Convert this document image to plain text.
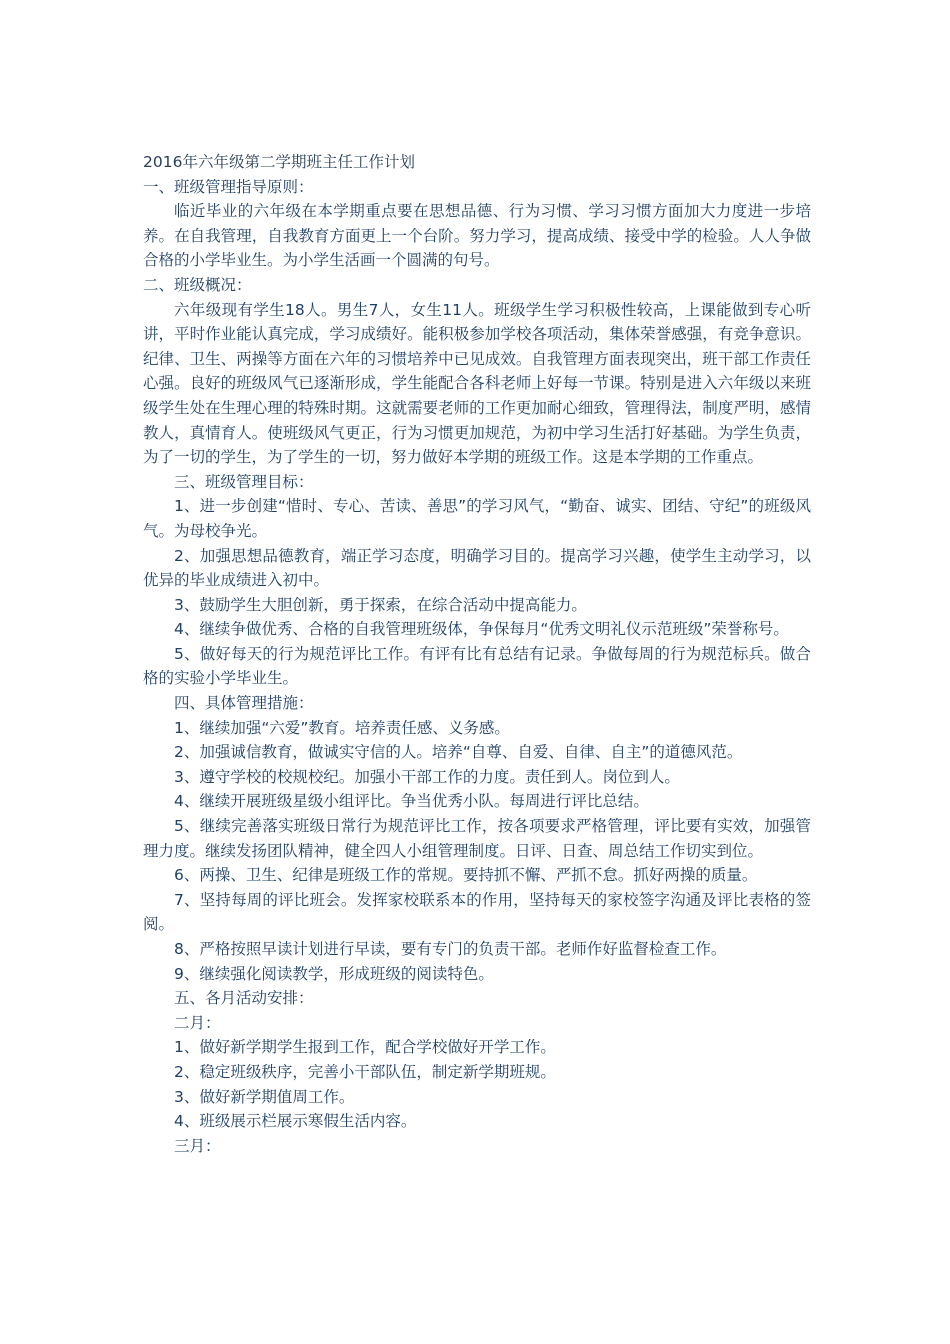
2016年六年级第二学期班主任工作计划
一、班级管理指导原则：
临近毕业的六年级在本学期重点要在思想品德、行为习惯、学习习惯方面加大力度进一步培养。在自我管理，自我教育方面更上一个台阶。努力学习，提高成绩、接受中学的检验。人人争做合格的小学毕业生。为小学生活画一个圆满的句号。
二、班级概况：
六年级现有学生18人。男生7人，女生11人。班级学生学习积极性较高，上课能做到专心听讲，平时作业能认真完成，学习成绩好。能积极参加学校各项活动，集体荣誉感强，有竞争意识。纪律、卫生、两操等方面在六年的习惯培养中已见成效。自我管理方面表现突出，班干部工作责任心强。良好的班级风气已逐渐形成，学生能配合各科老师上好每一节课。特别是进入六年级以来班级学生处在生理心理的特殊时期。这就需要老师的工作更加耐心细致，管理得法，制度严明，感情教人，真情育人。使班级风气更正，行为习惯更加规范，为初中学习生活打好基础。为学生负责，为了一切的学生，为了学生的一切，努力做好本学期的班级工作。这是本学期的工作重点。
三、班级管理目标：
1、进一步创建“惜时、专心、苦读、善思”的学习风气，“勤奋、诚实、团结、守纪”的班级风气。为母校争光。
2、加强思想品德教育，端正学习态度，明确学习目的。提高学习兴趣，使学生主动学习，以优异的毕业成绩进入初中。
3、鼓励学生大胆创新，勇于探索，在综合活动中提高能力。
4、继续争做优秀、合格的自我管理班级体，争保每月“优秀文明礼仪示范班级”荣誉称号。
5、做好每天的行为规范评比工作。有评有比有总结有记录。争做每周的行为规范标兵。做合格的实验小学毕业生。
四、具体管理措施：
1、继续加强“六爱”教育。培养责任感、义务感。
2、加强诚信教育，做诚实守信的人。培养“自尊、自爱、自律、自主”的道德风范。
3、遵守学校的校规校纪。加强小干部工作的力度。责任到人。岗位到人。
4、继续开展班级星级小组评比。争当优秀小队。每周进行评比总结。
5、继续完善落实班级日常行为规范评比工作，按各项要求严格管理，评比要有实效，加强管理力度。继续发扬团队精神，健全四人小组管理制度。日评、日查、周总结工作切实到位。
6、两操、卫生、纪律是班级工作的常规。要持抓不懈、严抓不怠。抓好两操的质量。
7、坚持每周的评比班会。发挥家校联系本的作用，坚持每天的家校签字沟通及评比表格的签阅。
8、严格按照早读计划进行早读，要有专门的负责干部。老师作好监督检查工作。
9、继续强化阅读教学，形成班级的阅读特色。
五、各月活动安排：
二月：
1、做好新学期学生报到工作，配合学校做好开学工作。
2、稳定班级秩序，完善小干部队伍，制定新学期班规。
3、做好新学期值周工作。
4、班级展示栏展示寒假生活内容。
三月：
